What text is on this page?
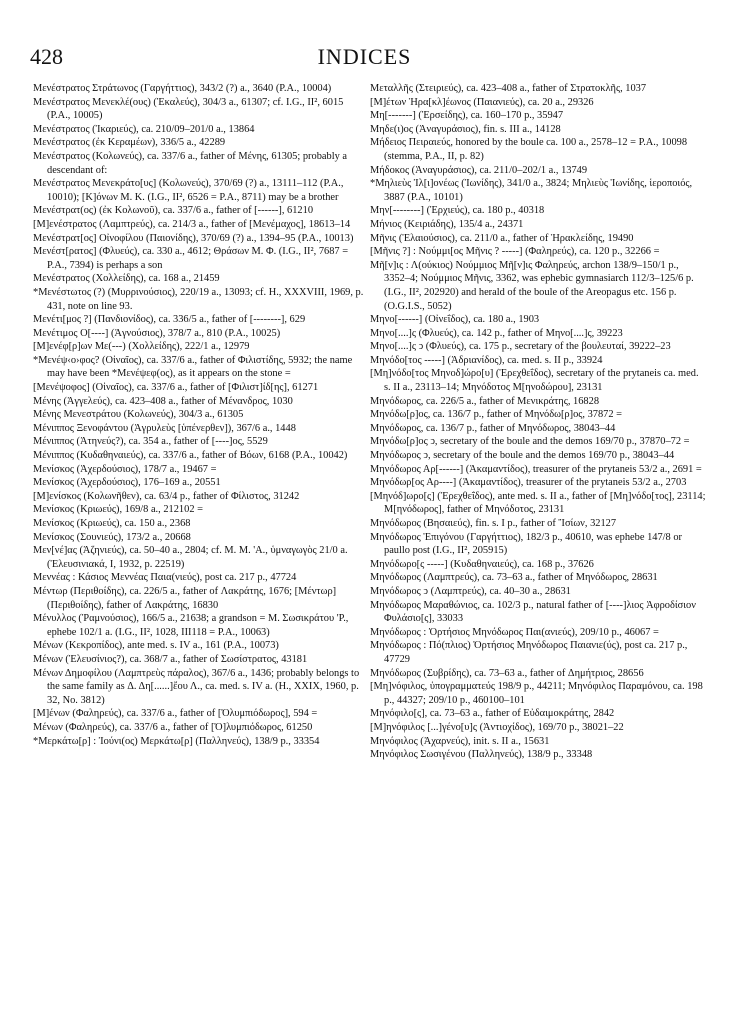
428	INDICES

Μενέστρατος Στράτωνος (Γαργήττιος), 343/2 (?) a., 3640 (P.A., 10004)

Μενέστρατος Μενεκλέ(ους) (Ἐκαλεύς), 304/3 a., 61307; cf. I.G., II², 6015 (P.A., 10005)

Μενέστρατος (Ἰκαριεύς), ca. 210/09–201/0 a., 13864

Μενέστρατος (ἐκ Κεραμέων), 336/5 a., 42289

Μενέστρατος (Κολωνεύς), ca. 337/6 a., father of Μένης, 61305; probably a descendant of:

Μενέστρατος Μενεκράτο[υς] (Κολωνεύς), 370/69 (?) a., 13111–112 (P.A., 10010); [Κ]όνων Μ. Κ. (I.G., II², 6526 = P.A., 8711) may be a brother

Μενέστρατ(ος) (ἐκ Κολωνοῦ), ca. 337/6 a., father of [------], 61210

[Μ]ενέστρατος (Λαμπτρεύς), ca. 214/3 a., father of [Μενέμαχος], 18613–14

Μενέστρατ[ος] Οἰνοφίλου (Παιονίδης), 370/69 (?) a., 1394–95 (P.A., 10013)

Μενέστ[ρατος] (Φλυεύς), ca. 330 a., 4612; Θράσων Μ. Φ. (I.G., II², 7687 = P.A., 7394) is perhaps a son

Μενέστρατος (Χολλείδης), ca. 168 a., 21459

*Μενέστωτος (?) (Μυρρινούσιος), 220/19 a., 13093; cf. H., XXXVIII, 1969, p. 431, note on line 93.

Μενέτι[μος ?] (Πανδιονίδος), ca. 336/5 a., father of [--------], 629

Μενέτιμος Ο[----] (Ἀγνούσιος), 378/7 a., 810 (P.A., 10025)

[Μ]ενέφ[ρ]ων Με(---) (Χολλείδης), 222/1 a., 12979

*Μενέψ‹ο›φος? (Οἰναῖος), ca. 337/6 a., father of Φιλιστίδης, 5932; the name may have been *Μενέψεφ(ος), as it appears on the stone =

[Μενέψοφος] (Οἰναῖος), ca. 337/6 a., father of [Φιλιστ]ίδ[ης], 61271

Μένης (Ἀγγελεύς), ca. 423–408 a., father of Μένανδρος, 1030

Μένης Μενεστράτου (Κολωνεύς), 304/3 a., 61305

Μένιππος Ξενοφάντου (Ἀγρυλεὺς [ὑπένερθεν]), 367/6 a., 1448

Μένιππος (Ἀτηνεύς?), ca. 354 a., father of [----]ος, 5529

Μένιππος (Κυδαθηναιεύς), ca. 337/6 a., father of Βόων, 6168 (P.A., 10042)

Μενίσκος (Ἀχερδούσιος), 178/7 a., 19467 =

Μενίσκος (Ἀχερδούσιος), 176–169 a., 20551

[Μ]ενίσκος (Κολωνῆθεν), ca. 63/4 p., father of Φίλιστος, 31242

Μενίσκος (Κριωεύς), 169/8 a., 212102 =

Μενίσκος (Κριωεύς), ca. 150 a., 2368

Μενίσκος (Σουνιεύς), 173/2 a., 20668

Μεν[νέ]ας (Ἀζηνιεύς), ca. 50–40 a., 2804; cf. M. M. 'A., ὑμναγωγὸς 21/0 a. (Ἐλευσινιακά, I, 1932, p. 22519)

Μεννέας : Κάσιος Μεννέας Παια(νιεύς), post ca. 217 p., 47724

Μέντωρ (Περιθοίδης), ca. 226/5 a., father of Λακράτης, 1676; [Μέντωρ] (Περιθοίδης), father of Λακράτης, 16830

Μένυλλος (Ῥαμνούσιος), 166/5 a., 21638; a grandson = M. Σωσικράτου 'P., ephebe 102/1 a. (I.G., II², 1028, III118 = P.A., 10063)

Μένων (Κεκροπίδος), ante med. s. IV a., 161 (P.A., 10073)

Μένων (Ἐλευσίνιος?), ca. 368/7 a., father of Σωσίστρατος, 43181

Μένων Δημοφίλου (Λαμπτρεὺς πάραλος), 367/6 a., 1436; probably belongs to the same family as Δ. Δη[......]ἔου Λ., ca. med. s. IV a. (H., XXIX, 1960, p. 32, No. 3812)

[Μ]ένων (Φαληρεύς), ca. 337/6 a., father of [Ὀλυμπιόδωρος], 594 =

Μένων (Φαληρεύς), ca. 337/6 a., father of [Ὀ]λυμπιόδωρος, 61250

*Μερκάτω[ρ] : Ἰούνι(ος) Μερκάτω[ρ] (Παλληνεύς), 138/9 p., 33354

Μεταλλῆς (Στειριεύς), ca. 423–408 a., father of Στρατοκλῆς, 1037

[Μ]έτων Ἡρα[κλ]έωνος (Παιανιεύς), ca. 20 a., 29326

Μη[-------] (Ἑρσείδης), ca. 160–170 p., 35947

Μηδε(ι)ος (Ἀναγυράσιος), fin. s. III a., 14128

Μήδειος Πειραιεύς, honored by the boule ca. 100 a., 2578–12 = P.A., 10098 (stemma, P.A., II, p. 82)

Μήδοκος (Ἀναγυράσιος), ca. 211/0–202/1 a., 13749

*Μηλιεὺς Ἰλ[ι]ονέως (Ἰωνίδης), 341/0 a., 3824; Μηλιεὺς Ἰωνίδης, ἱεροποιός, 3887 (P.A., 10101)

Μην[--------] (Ἐρχιεύς), ca. 180 p., 40318

Μήνιος (Κειριάδης), 135/4 a., 24371

Μῆνις (Ἐλαιούσιος), ca. 211/0 a., father of Ἡρακλείδης, 19490

[Μῆνις ?] : Νούμμι[ος Μῆνις ? -----] (Φαληρεύς), ca. 120 p., 32266 =

Μῆ[ν]ις : Λ(ούκιος) Νούμμιος Μῆ[ν]ις Φαληρεύς, archon 138/9–150/1 p., 3352–4; Νούμμιος Μῆνις, 3362, was ephebic gymnasiarch 112/3–125/6 p. (I.G., II², 202920) and herald of the boule of the Areopagus etc. 156 p. (O.G.I.S., 5052)

Μηνο[------] (Οἰνεΐδος), ca. 180 a., 1903

Μηνο[....]ς (Φλυεύς), ca. 142 p., father of Μηνο[....]ς, 39223

Μηνο[....]ς ↄ (Φλυεύς), ca. 175 p., secretary of the βουλευταί, 39222–23

Μηνόδο[τος -----] (Ἀδριανίδος), ca. med. s. II p., 33924

[Μη]νόδο[τος Μηνοδ]ώρο[υ] (Ἐρεχθεΐδος), secretary of the prytaneis ca. med. s. II a., 23113–14; Μηνόδοτος Μ[ηνοδώρου], 23131

Μηνόδωρος, ca. 226/5 a., father of Μενικράτης, 16828

Μηνόδω[ρ]ος, ca. 136/7 p., father of Μηνόδω[ρ]ος, 37872 =

Μηνόδωρος, ca. 136/7 p., father of Μηνόδωρος, 38043–44

Μηνόδω[ρ]ος ↄ, secretary of the boule and the demos 169/70 p., 37870–72 =

Μηνόδωρος ↄ, secretary of the boule and the demos 169/70 p., 38043–44

Μηνόδωρος Αρ[------] (Ἀκαμαντίδος), treasurer of the prytaneis 53/2 a., 2691 =

Μηνόδωρ[ος Αρ----] (Ἀκαμαντίδος), treasurer of the prytaneis 53/2 a., 2703

[Μηνόδ]ωρο[ς] (Ἐρεχθεΐδος), ante med. s. II a., father of [Μη]νόδο[τος], 23114; Μ[ηνόδωρος], father of Μηνόδοτος, 23131

Μηνόδωρος (Βησαιεύς), fin. s. I p., father of Ἴσίων, 32127

Μηνόδωρος Ἐπιγόνου (Γαργήττιος), 182/3 p., 40610, was ephebe 147/8 or paullo post (I.G., II², 205915)

Μηνόδωρο[ς -----] (Κυδαθηναιεύς), ca. 168 p., 37626

Μηνόδωρος (Λαμπτρεύς), ca. 73–63 a., father of Μηνόδωρος, 28631

Μηνόδωρος ↄ (Λαμπτρεύς), ca. 40–30 a., 28631

Μηνόδωρος Μαραθώνιος, ca. 102/3 p., natural father of [----]λιος Ἀφροδίσιον Φυλάσιο[ς], 33033

Μηνόδωρος : Ὀρτήσιος Μηνόδωρος Παι(ανιεύς), 209/10 p., 46067 =

Μηνόδωρος : Πό(πλιος) Ὁρτήσιος Μηνόδωρος Παιανιε(ύς), post ca. 217 p., 47729

Μηνόδωρος (Συβρίδης), ca. 73–63 a., father of Δημήτριος, 28656

[Μη]νόφιλος, ὑπογραμματεύς 198/9 p., 44211; Μηνόφιλος Παραμόνου, ca. 198 p., 44327; 209/10 p., 460100–101

Μηνόφιλο[ς], ca. 73–63 a., father of Εὐδαιμοκράτης, 2842

[Μ]ηνόφιλος [...]γένο[υ]ς (Ἀντιοχίδος), 169/70 p., 38021–22

Μηνόφιλος (Ἀχαρνεύς), init. s. II a., 15631

Μηνόφιλος Σωσιγένου (Παλληνεύς), 138/9 p., 33348
